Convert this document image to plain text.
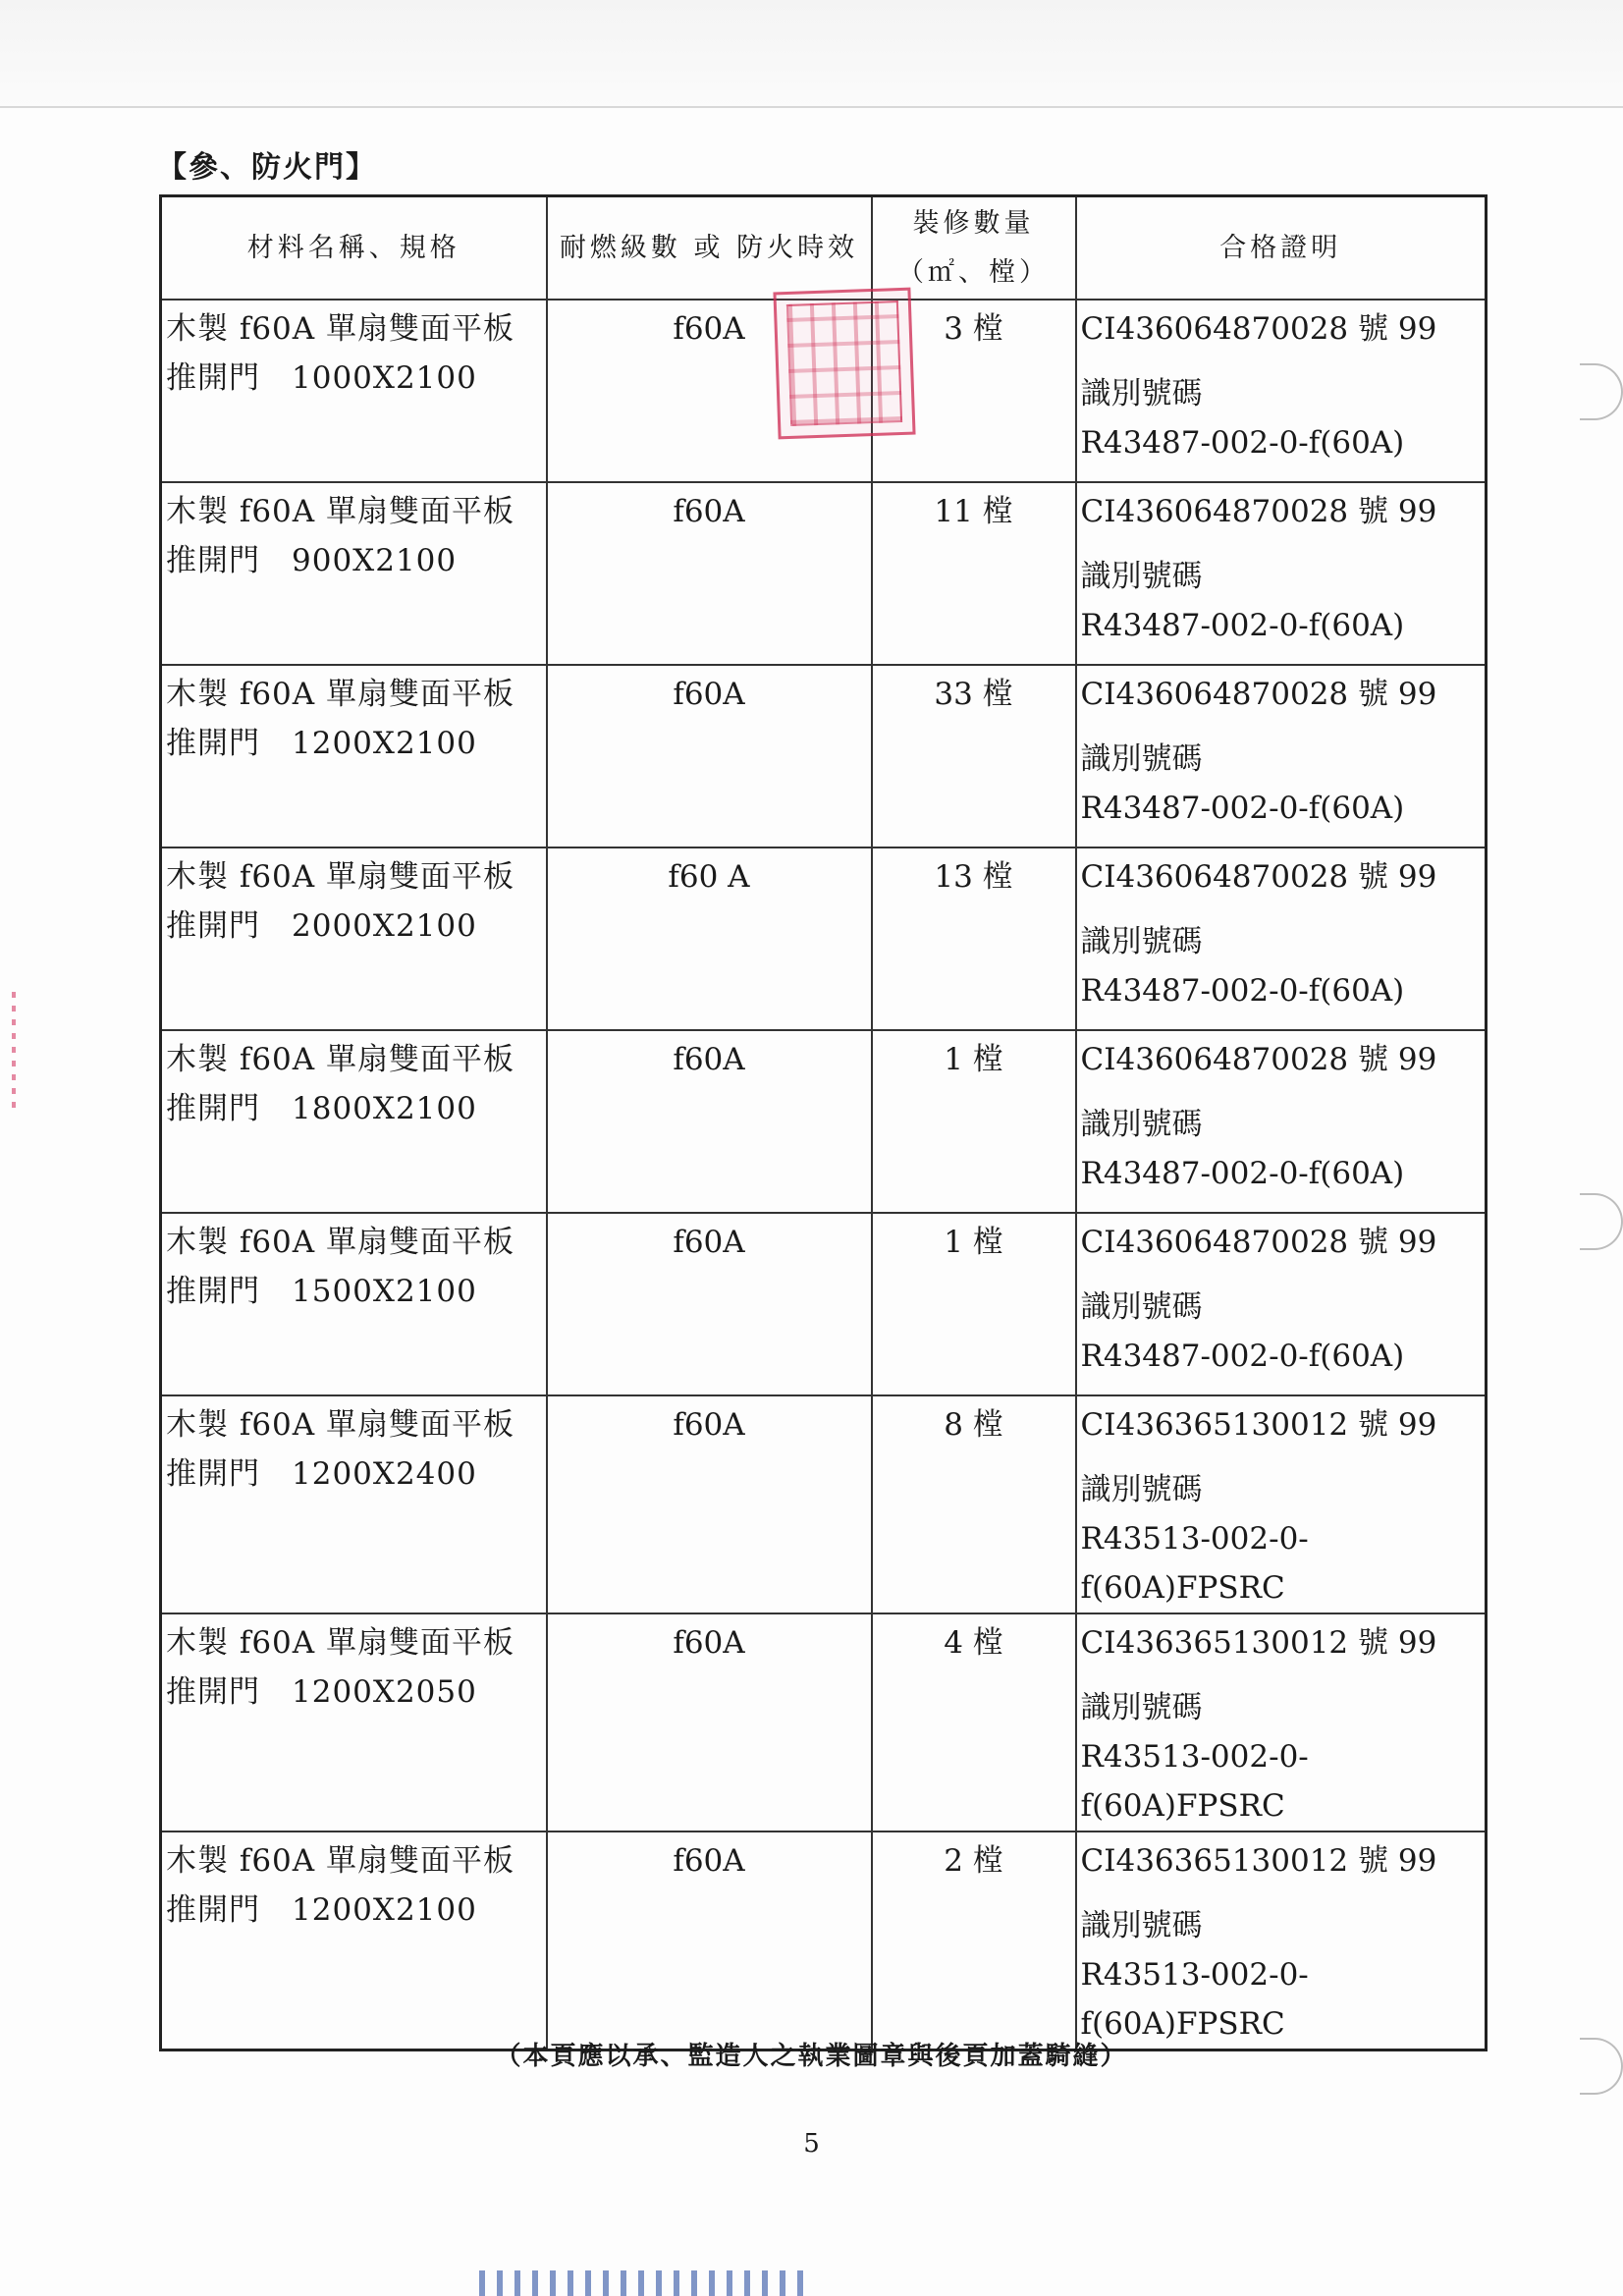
【參、防火門】
材料名稱、規格	耐燃級數 或 防火時效	裝修數量（㎡、樘）	合格證明
木製 f60A 單扇雙面平板推開門　1000X2100	f60A	3 樘	CI436064870028 號 99
識別號碼
R43487-002-0-f(60A)

木製 f60A 單扇雙面平板推開門　900X2100	f60A	11 樘	CI436064870028 號 99
識別號碼
R43487-002-0-f(60A)

木製 f60A 單扇雙面平板推開門　1200X2100	f60A	33 樘	CI436064870028 號 99
識別號碼
R43487-002-0-f(60A)

木製 f60A 單扇雙面平板推開門　2000X2100	f60 A	13 樘	CI436064870028 號 99
識別號碼
R43487-002-0-f(60A)

木製 f60A 單扇雙面平板推開門　1800X2100	f60A	1 樘	CI436064870028 號 99
識別號碼
R43487-002-0-f(60A)

木製 f60A 單扇雙面平板推開門　1500X2100	f60A	1 樘	CI436064870028 號 99
識別號碼
R43487-002-0-f(60A)

木製 f60A 單扇雙面平板推開門　1200X2400	f60A	8 樘	CI436365130012 號 99
識別號碼
R43513-002-0-f(60A)FPSRC

木製 f60A 單扇雙面平板推開門　1200X2050	f60A	4 樘	CI436365130012 號 99
識別號碼
R43513-002-0-f(60A)FPSRC

木製 f60A 單扇雙面平板推開門　1200X2100	f60A	2 樘	CI436365130012 號 99
識別號碼
R43513-002-0-f(60A)FPSRC
（本頁應以承、監造人之執業圖章與後頁加蓋騎縫）
5
